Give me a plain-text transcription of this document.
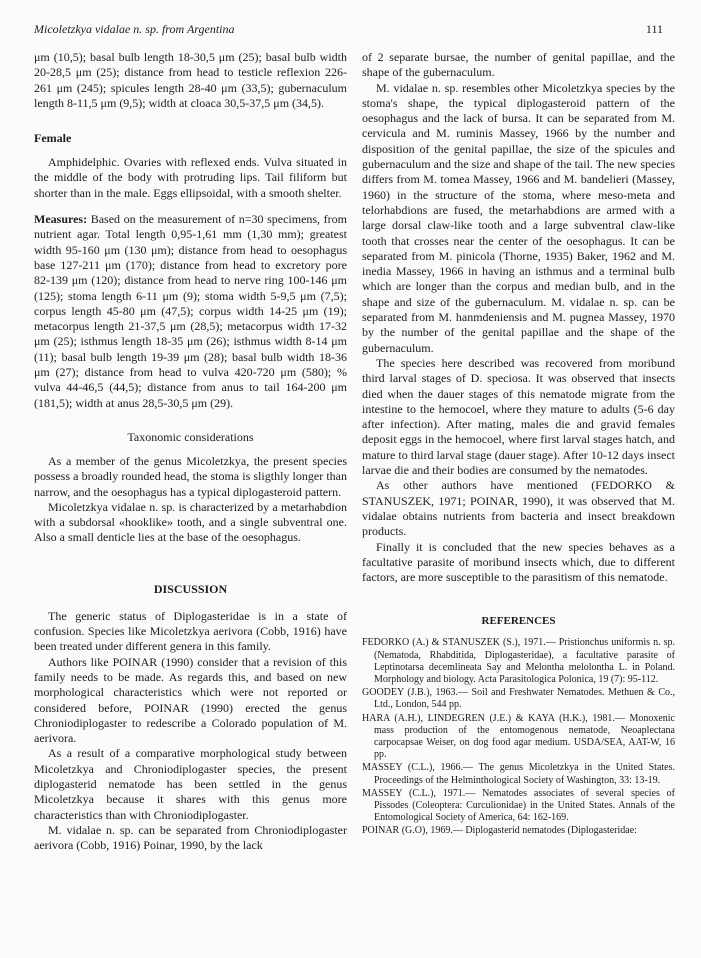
Micoletzkya vidalae n. sp. from Argentina	111

μm (10,5); basal bulb length 18-30,5 μm (25); basal bulb width 20-28,5 μm (25); distance from head to testicle reflexion 226-261 μm (245); spicules length 28-40 μm (33,5); gubernaculum length 8-11,5 μm (9,5); width at cloaca 30,5-37,5 μm (34,5).

Female

Amphidelphic. Ovaries with reflexed ends. Vulva situated in the middle of the body with protruding lips. Tail filiform but shorter than in the male. Eggs ellipsoidal, with a smooth shelter.

Measures: Based on the measurement of n=30 specimens, from nutrient agar. Total length 0,95-1,61 mm (1,30 mm); greatest width 95-160 μm (130 μm); distance from head to oesophagus base 127-211 μm (170); distance from head to excretory pore 82-139 μm (120); distance from head to nerve ring 100-146 μm (125); stoma length 6-11 μm (9); stoma width 5-9,5 μm (7,5); corpus length 45-80 μm (47,5); corpus width 14-25 μm (19); metacorpus length 21-37,5 μm (28,5); metacorpus width 17-32 μm (25); isthmus length 18-35 μm (26); isthmus width 8-14 μm (11); basal bulb length 19-39 μm (28); basal bulb width 18-36 μm (27); distance from head to vulva 420-720 μm (580); % vulva 44-46,5 (44,5); distance from anus to tail 164-200 μm (181,5); width at anus 28,5-30,5 μm (29).

Taxonomic considerations

As a member of the genus Micoletzkya, the present species possess a broadly rounded head, the stoma is sligthly longer than narrow, and the oesophagus has a typical diplogasteroid pattern.

Micoletzkya vidalae n. sp. is characterized by a metarhabdion with a subdorsal «hooklike» tooth, and a single subventral one. Also a small denticle lies at the base of the oesophagus.

DISCUSSION

The generic status of Diplogasteridae is in a state of confusion. Species like Micoletzkya aerivora (Cobb, 1916) have been treated under different genera in this family.

Authors like POINAR (1990) consider that a revision of this family needs to be made. As regards this, and based on new morphological characteristics which were not reported or considered before, POINAR (1990) erected the genus Chroniodiplogaster to redescribe a Colorado population of M. aerivora.

As a result of a comparative morphological study between Micoletzkya and Chroniodiplogaster species, the present diplogasterid nematode has been settled in the genus Micoletzkya because it shares with this genus more characteristics than with Chroniodiplogaster.

M. vidalae n. sp. can be separated from Chroniodiplogaster aerivora (Cobb, 1916) Poinar, 1990, by the lack

of 2 separate bursae, the number of genital papillae, and the shape of the gubernaculum.

M. vidalae n. sp. resembles other Micoletzkya species by the stoma's shape, the typical diplogasteroid pattern of the oesophagus and the lack of bursa. It can be separated from M. cervicula and M. ruminis Massey, 1966 by the number and disposition of the genital papillae, the size of the spicules and gubernaculum and the size and shape of the tail. The new species differs from M. tomea Massey, 1966 and M. bandelieri (Massey, 1960) in the structure of the stoma, where meso-meta and telorhabdions are fused, the metarhabdions are armed with a large dorsal claw-like tooth and a large subventral claw-like tooth that crosses near the center of the oesophagus. It can be separated from M. pinicola (Thorne, 1935) Baker, 1962 and M. inedia Massey, 1966 in having an isthmus and a terminal bulb which are longer than the corpus and median bulb, and in the shape and size of the gubernaculum. M. vidalae n. sp. can be separated from M. hanmdeniensis and M. pugnea Massey, 1970 by the number of the genital papillae and the shape of the gubernaculum.

The species here described was recovered from moribund third larval stages of D. speciosa. It was observed that insects died when the dauer stages of this nematode migrate from the intestine to the hemocoel, where they mature to adults (5-6 day after infection). After mating, males die and gravid females deposit eggs in the hemocoel, where first larval stages hatch, and mature to third larval stage (dauer stage). After 10-12 days insect larvae die and their bodies are consumed by the nematodes.

As other authors have mentioned (FEDORKO & STANUSZEK, 1971; POINAR, 1990), it was observed that M. vidalae obtains nutrients from bacteria and insect breakdown products.

Finally it is concluded that the new species behaves as a facultative parasite of moribund insects which, due to different factors, are more susceptible to the parasitism of this nematode.

REFERENCES

FEDORKO (A.) & STANUSZEK (S.), 1971.— Pristionchus uniformis n. sp. (Nematoda, Rhabditida, Diplogasteridae), a facultative parasite of Leptinotarsa decemlineata Say and Melontha melolontha L. in Poland. Morphology and biology. Acta Parasitologica Polonica, 19 (7): 95-112.

GOODEY (J.B.), 1963.— Soil and Freshwater Nematodes. Methuen & Co., Ltd., London, 544 pp.

HARA (A.H.), LINDEGREN (J.E.) & KAYA (H.K.), 1981.— Monoxenic mass production of the entomogenous nematode, Neoaplectana carpocapsae Weiser, on dog food agar medium. USDA/SEA, AAT-W, 16 pp.

MASSEY (C.L.), 1966.— The genus Micoletzkya in the United States. Proceedings of the Helminthological Society of Washington, 33: 13-19.

MASSEY (C.L.), 1971.— Nematodes associates of several species of Pissodes (Coleoptera: Curculionidae) in the United States. Annals of the Entomological Society of America, 64: 162-169.

POINAR (G.O), 1969.— Diplogasterid nematodes (Diplogasteridae:
